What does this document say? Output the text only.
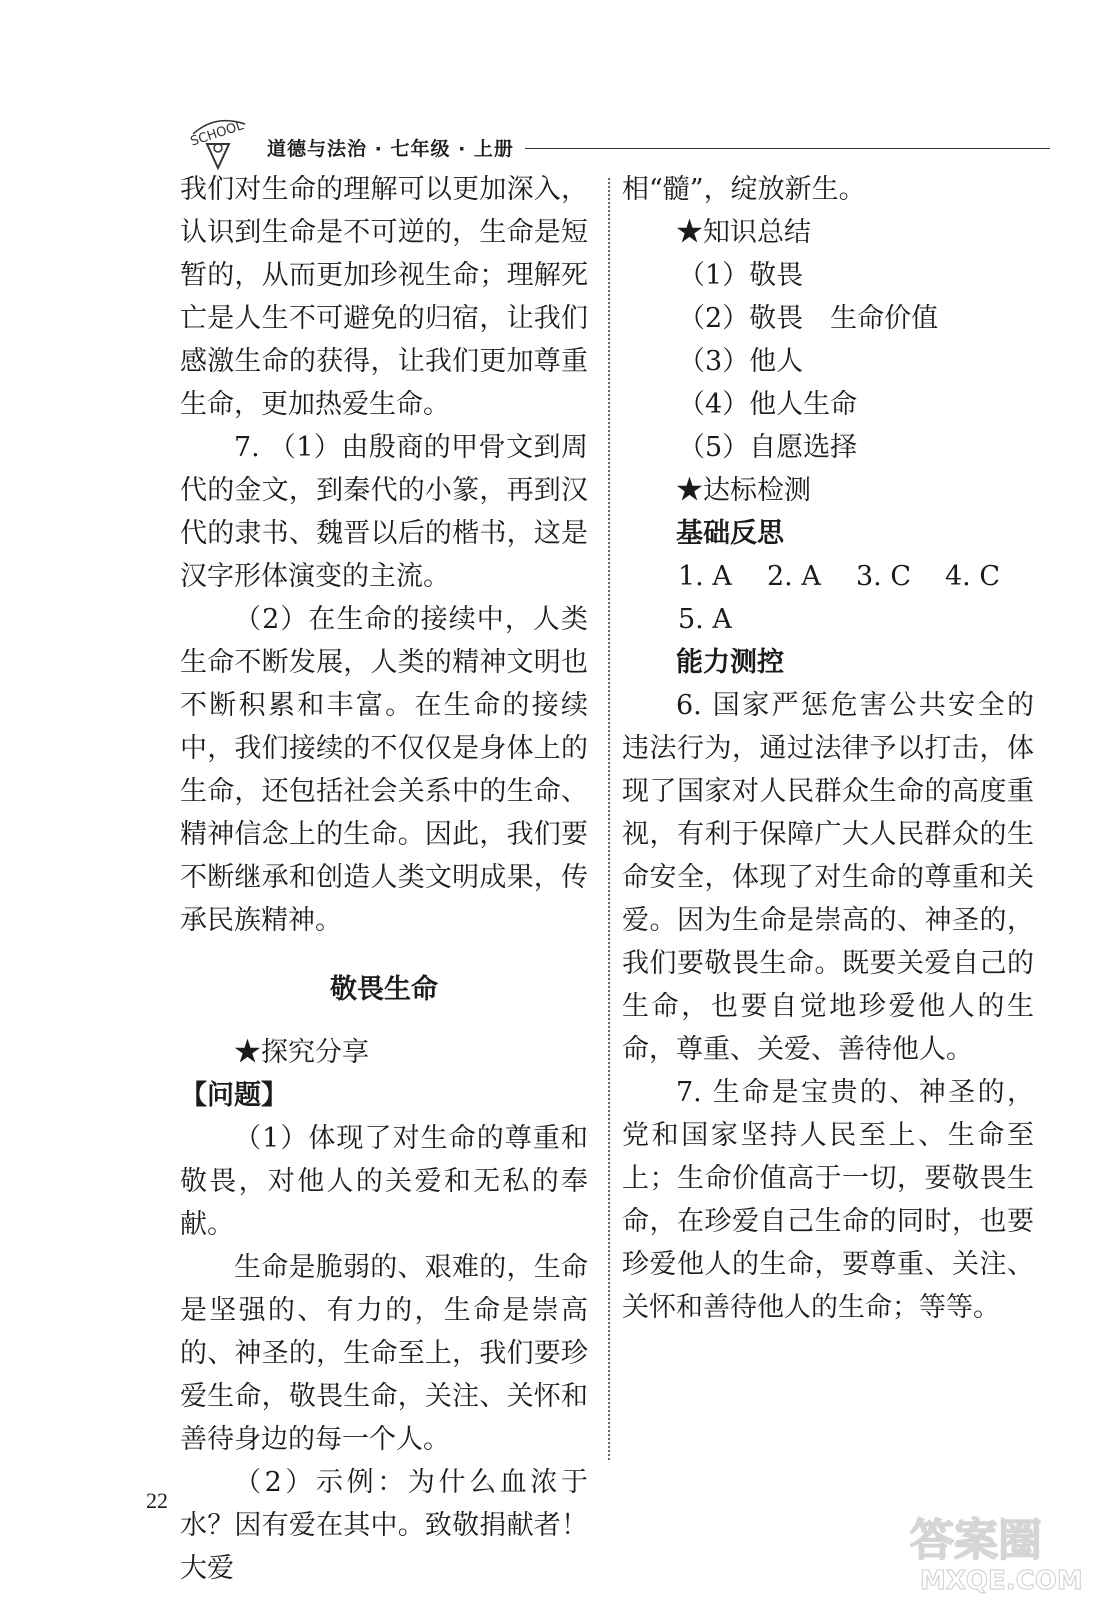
SCHOOL 道德与法治 · 七年级 · 上册

我们对生命的理解可以更加深入，认识到生命是不可逆的，生命是短暂的，从而更加珍视生命；理解死亡是人生不可避免的归宿，让我们感激生命的获得，让我们更加尊重生命，更加热爱生命。

7. （1）由殷商的甲骨文到周代的金文，到秦代的小篆，再到汉代的隶书、魏晋以后的楷书，这是汉字形体演变的主流。

（2）在生命的接续中，人类生命不断发展，人类的精神文明也不断积累和丰富。在生命的接续中，我们接续的不仅仅是身体上的生命，还包括社会关系中的生命、精神信念上的生命。因此，我们要不断继承和创造人类文明成果，传承民族精神。

敬畏生命

★探究分享

【问题】

（1）体现了对生命的尊重和敬畏，对他人的关爱和无私的奉献。

生命是脆弱的、艰难的，生命是坚强的、有力的，生命是崇高的、神圣的，生命至上，我们要珍爱生命，敬畏生命，关注、关怀和善待身边的每一个人。

（2）示例：为什么血浓于水？因有爱在其中。致敬捐献者！大爱

相“髓”，绽放新生。

★知识总结

（1）敬畏

（2）敬畏　生命价值

（3）他人

（4）他人生命

（5）自愿选择

★达标检测

基础反思

1. A	2. A	3. C	4. C

5. A

能力测控

6. 国家严惩危害公共安全的违法行为，通过法律予以打击，体现了国家对人民群众生命的高度重视，有利于保障广大人民群众的生命安全，体现了对生命的尊重和关爱。因为生命是崇高的、神圣的，我们要敬畏生命。既要关爱自己的生命，也要自觉地珍爱他人的生命，尊重、关爱、善待他人。

7. 生命是宝贵的、神圣的，党和国家坚持人民至上、生命至上；生命价值高于一切，要敬畏生命，在珍爱自己生命的同时，也要珍爱他人的生命，要尊重、关注、关怀和善待他人的生命；等等。

22
答案圈
MXQE.COM
